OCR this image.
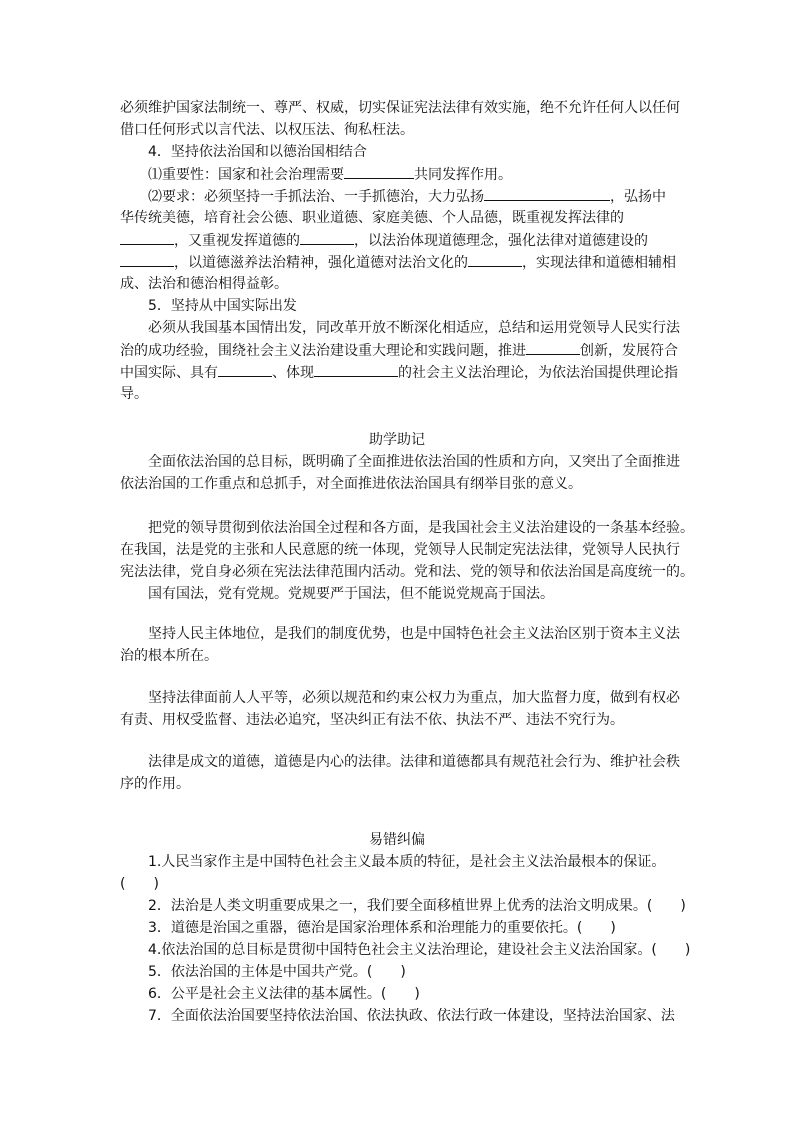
必须维护国家法制统一、尊严、权威，切实保证宪法法律有效实施，绝不允许任何人以任何
借口任何形式以言代法、以权压法、徇私枉法。
4．坚持依法治国和以德治国相结合
⑴重要性：国家和社会治理需要	共同发挥作用。
⑵要求：必须坚持一手抓法治、一手抓德治，大力弘扬	，弘扬中
华传统美德，培育社会公德、职业道德、家庭美德、个人品德，既重视发挥法律的
，又重视发挥道德的	，以法治体现道德理念，强化法律对道德建设的
，以道德滋养法治精神，强化道德对法治文化的	，实现法律和道德相辅相
成、法治和德治相得益彰。
5．坚持从中国实际出发
必须从我国基本国情出发，同改革开放不断深化相适应，总结和运用党领导人民实行法
治的成功经验，围绕社会主义法治建设重大理论和实践问题，推进	创新，发展符合
中国实际、具有	、体现	的社会主义法治理论，为依法治国提供理论指
导。
助学助记
全面依法治国的总目标，既明确了全面推进依法治国的性质和方向，又突出了全面推进
依法治国的工作重点和总抓手，对全面推进依法治国具有纲举目张的意义。
把党的领导贯彻到依法治国全过程和各方面，是我国社会主义法治建设的一条基本经验。
在我国，法是党的主张和人民意愿的统一体现，党领导人民制定宪法法律，党领导人民执行
宪法法律，党自身必须在宪法法律范围内活动。党和法、党的领导和依法治国是高度统一的。
国有国法，党有党规。党规要严于国法，但不能说党规高于国法。
坚持人民主体地位，是我们的制度优势，也是中国特色社会主义法治区别于资本主义法
治的根本所在。
坚持法律面前人人平等，必须以规范和约束公权力为重点，加大监督力度，做到有权必
有责、用权受监督、违法必追究，坚决纠正有法不依、执法不严、违法不究行为。
法律是成文的道德，道德是内心的法律。法律和道德都具有规范社会行为、维护社会秩
序的作用。
易错纠偏
1.人民当家作主是中国特色社会主义最本质的特征，是社会主义法治最根本的保证。
(　　)
2．法治是人类文明重要成果之一，我们要全面移植世界上优秀的法治文明成果。(　　)
3．道德是治国之重器，德治是国家治理体系和治理能力的重要依托。(　　)
4.依法治国的总目标是贯彻中国特色社会主义法治理论，建设社会主义法治国家。(　　)
5．依法治国的主体是中国共产党。(　　)
6．公平是社会主义法律的基本属性。(　　)
7．全面依法治国要坚持依法治国、依法执政、依法行政一体建设，坚持法治国家、法
